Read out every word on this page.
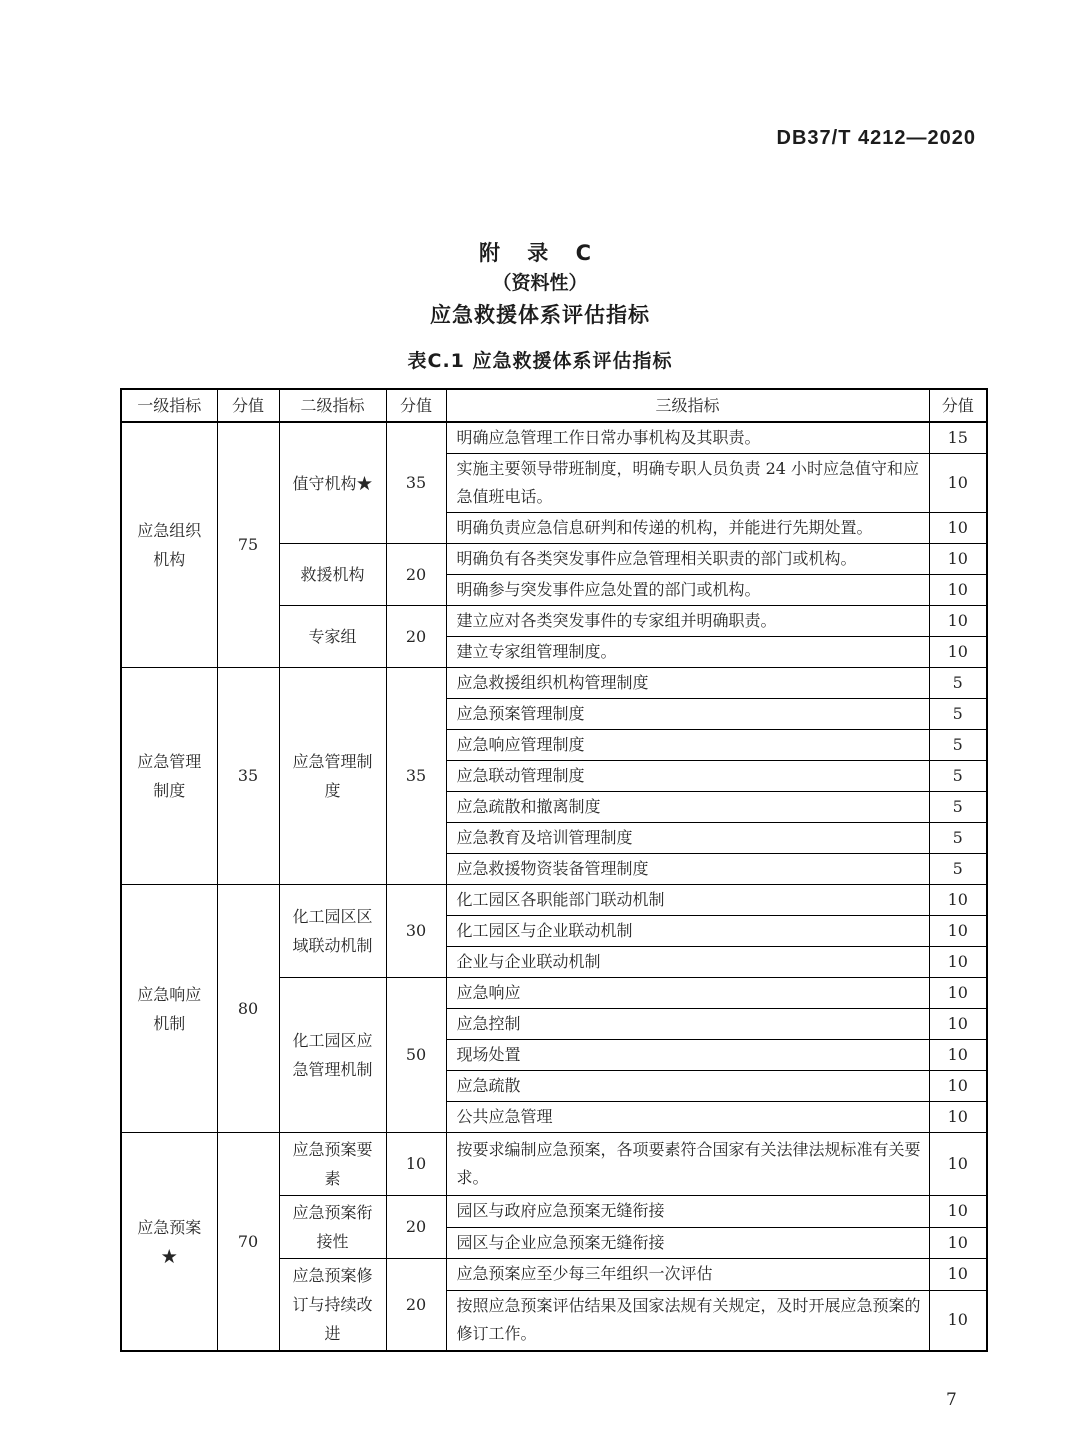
DB37/T 4212—2020
附 录 C
（资料性）
应急救援体系评估指标
表C.1 应急救援体系评估指标
一级指标	分值	二级指标	分值	三级指标	分值
应急组织机构	75	值守机构★	35	明确应急管理工作日常办事机构及其职责。	15
				实施主要领导带班制度，明确专职人员负责 24 小时应急值守和应急值班电话。	10
				明确负责应急信息研判和传递的机构，并能进行先期处置。	10
		救援机构	20	明确负有各类突发事件应急管理相关职责的部门或机构。	10
				明确参与突发事件应急处置的部门或机构。	10
		专家组	20	建立应对各类突发事件的专家组并明确职责。	10
				建立专家组管理制度。	10
应急管理制度	35	应急管理制度	35	应急救援组织机构管理制度	5
				应急预案管理制度	5
				应急响应管理制度	5
				应急联动管理制度	5
				应急疏散和撤离制度	5
				应急教育及培训管理制度	5
				应急救援物资装备管理制度	5
应急响应机制	80	化工园区区域联动机制	30	化工园区各职能部门联动机制	10
				化工园区与企业联动机制	10
				企业与企业联动机制	10
		化工园区应急管理机制	50	应急响应	10
				应急控制	10
				现场处置	10
				应急疏散	10
				公共应急管理	10
应急预案★	70	应急预案要素	10	按要求编制应急预案，各项要素符合国家有关法律法规标准有关要求。	10
		应急预案衔接性	20	园区与政府应急预案无缝衔接	10
				园区与企业应急预案无缝衔接	10
		应急预案修订与持续改进	20	应急预案应至少每三年组织一次评估	10
				按照应急预案评估结果及国家法规有关规定，及时开展应急预案的修订工作。	10
7
